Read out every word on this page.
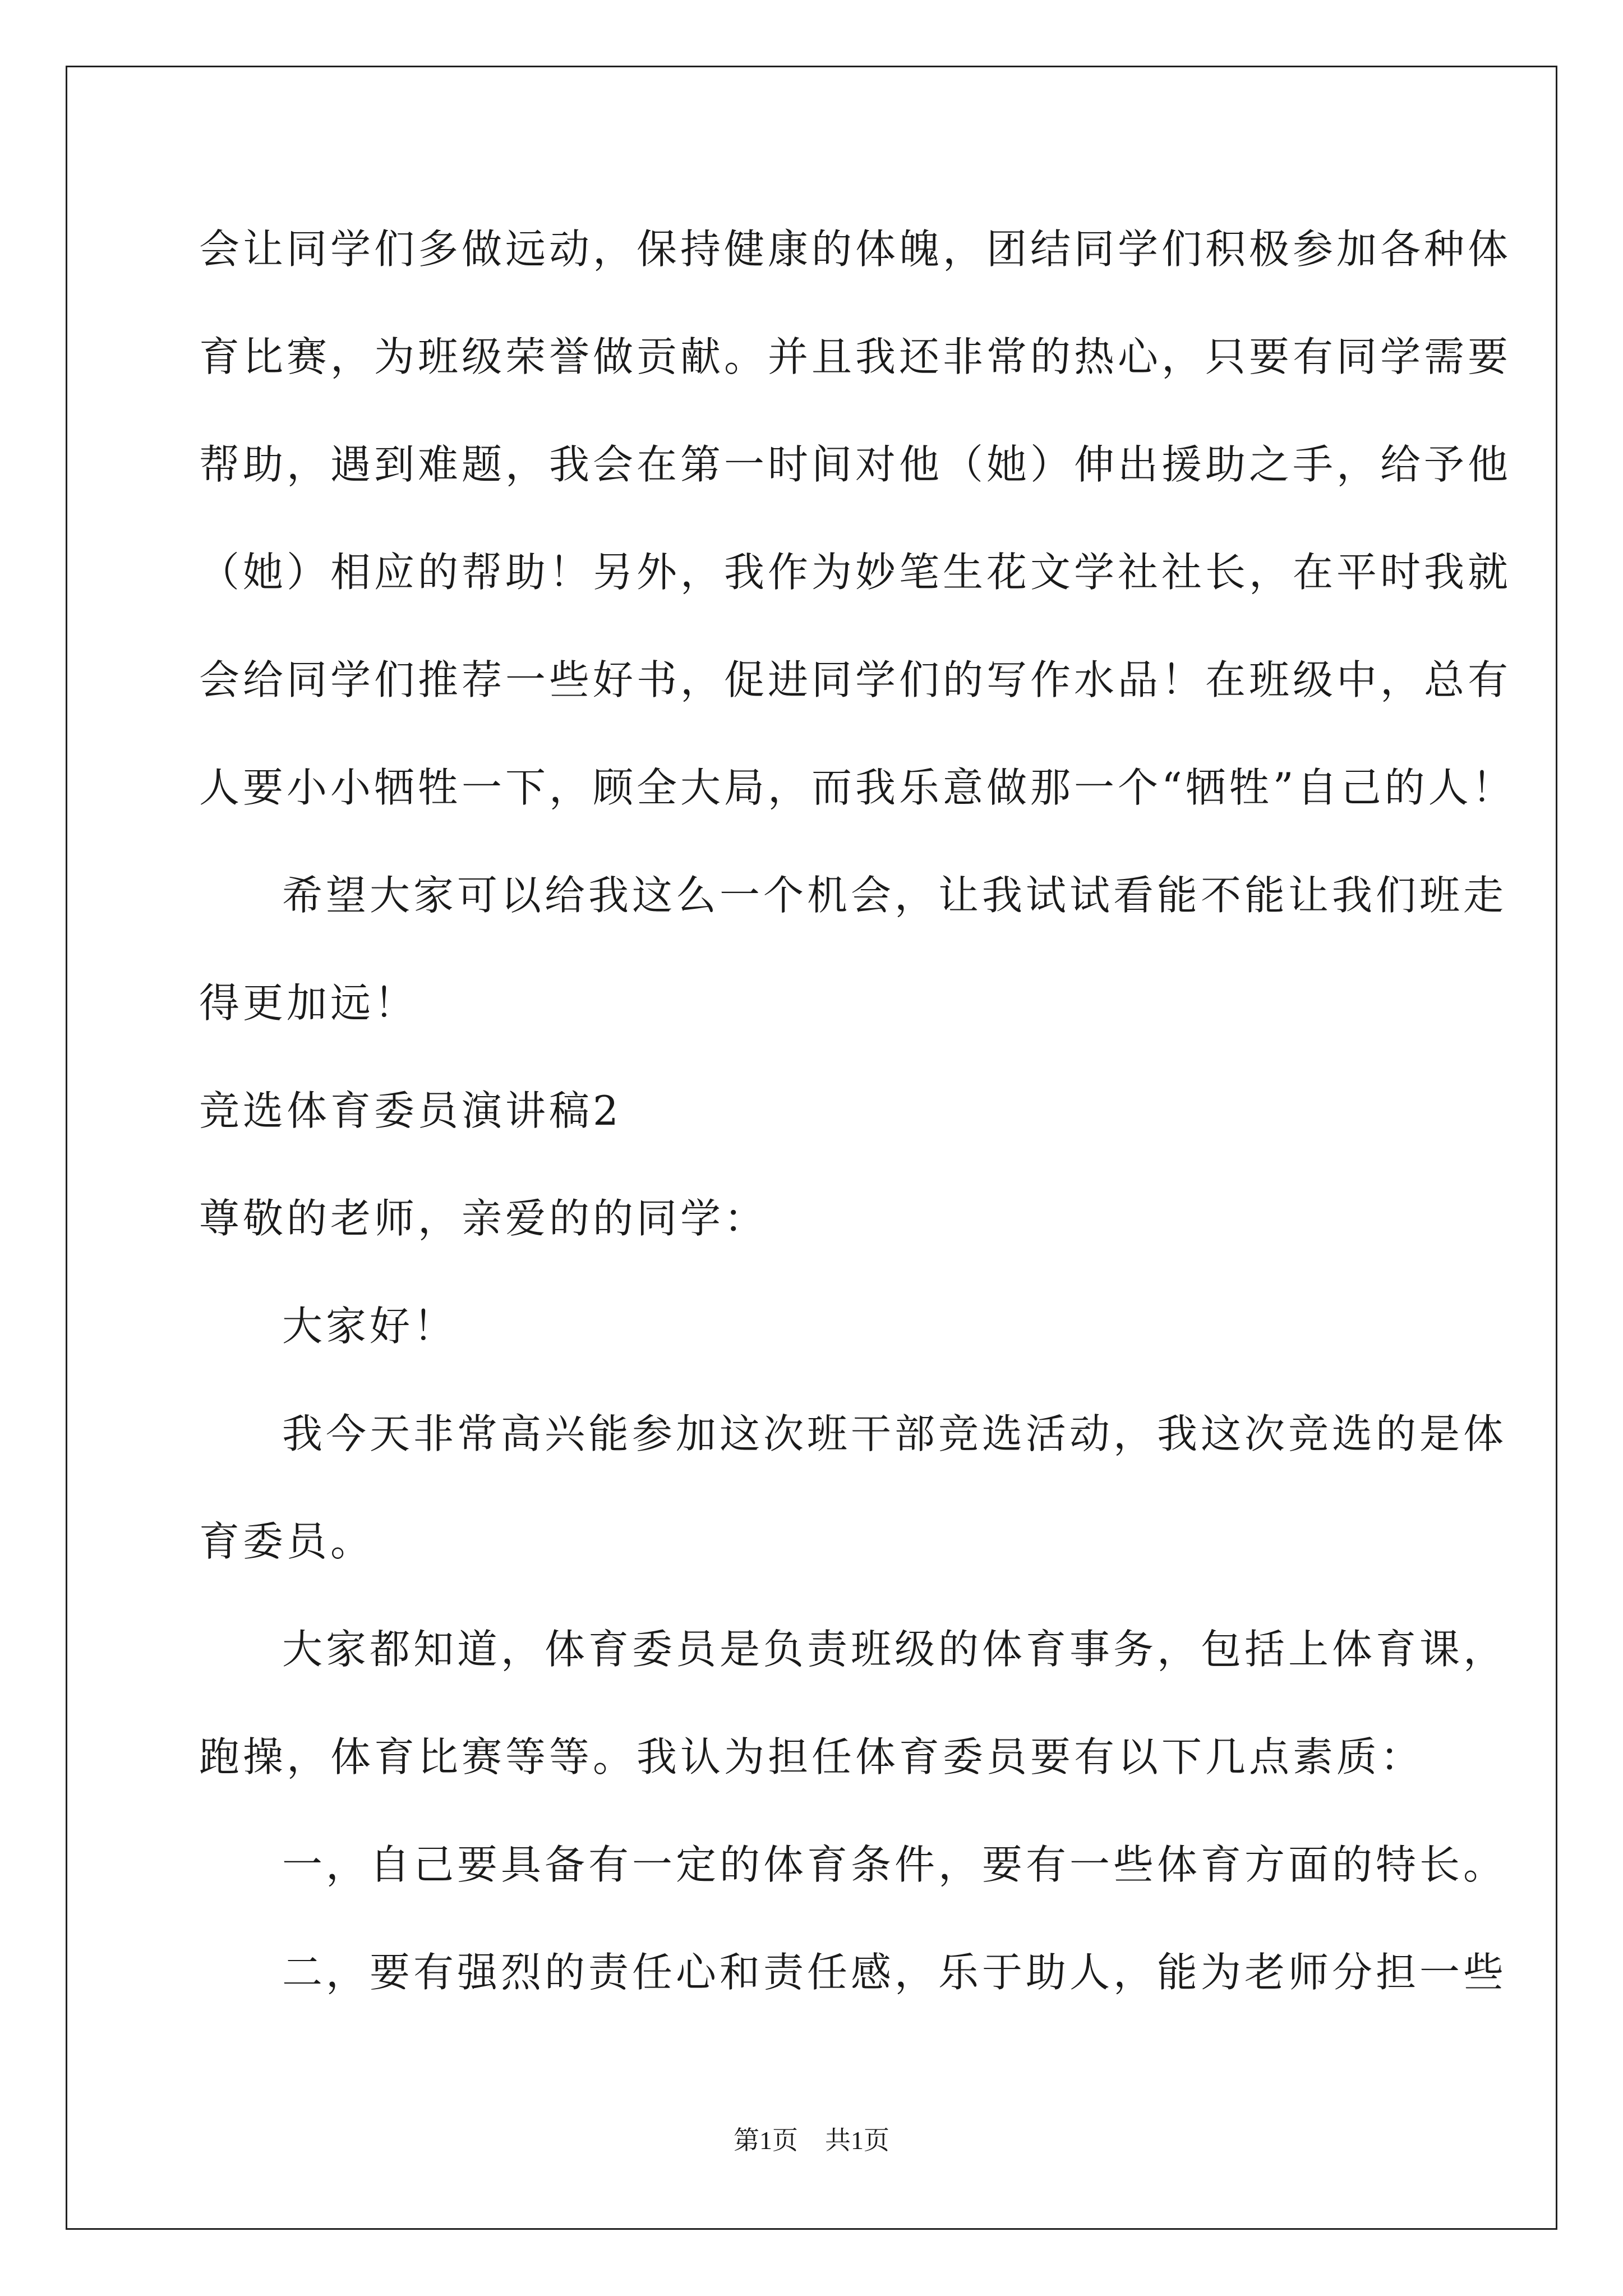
会让同学们多做远动，保持健康的体魄，团结同学们积极参加各种体
育比赛，为班级荣誉做贡献。并且我还非常的热心，只要有同学需要
帮助，遇到难题，我会在第一时间对他（她）伸出援助之手，给予他
（她）相应的帮助！另外，我作为妙笔生花文学社社长，在平时我就
会给同学们推荐一些好书，促进同学们的写作水品！在班级中，总有
人要小小牺牲一下，顾全大局，而我乐意做那一个“牺牲”自己的人！
希望大家可以给我这么一个机会，让我试试看能不能让我们班走
得更加远！
竞选体育委员演讲稿2
尊敬的老师，亲爱的的同学：
大家好！
我今天非常高兴能参加这次班干部竞选活动，我这次竞选的是体
育委员。
大家都知道，体育委员是负责班级的体育事务，包括上体育课，
跑操，体育比赛等等。我认为担任体育委员要有以下几点素质：
一，自己要具备有一定的体育条件，要有一些体育方面的特长。
二，要有强烈的责任心和责任感，乐于助人，能为老师分担一些
第1页 共1页
